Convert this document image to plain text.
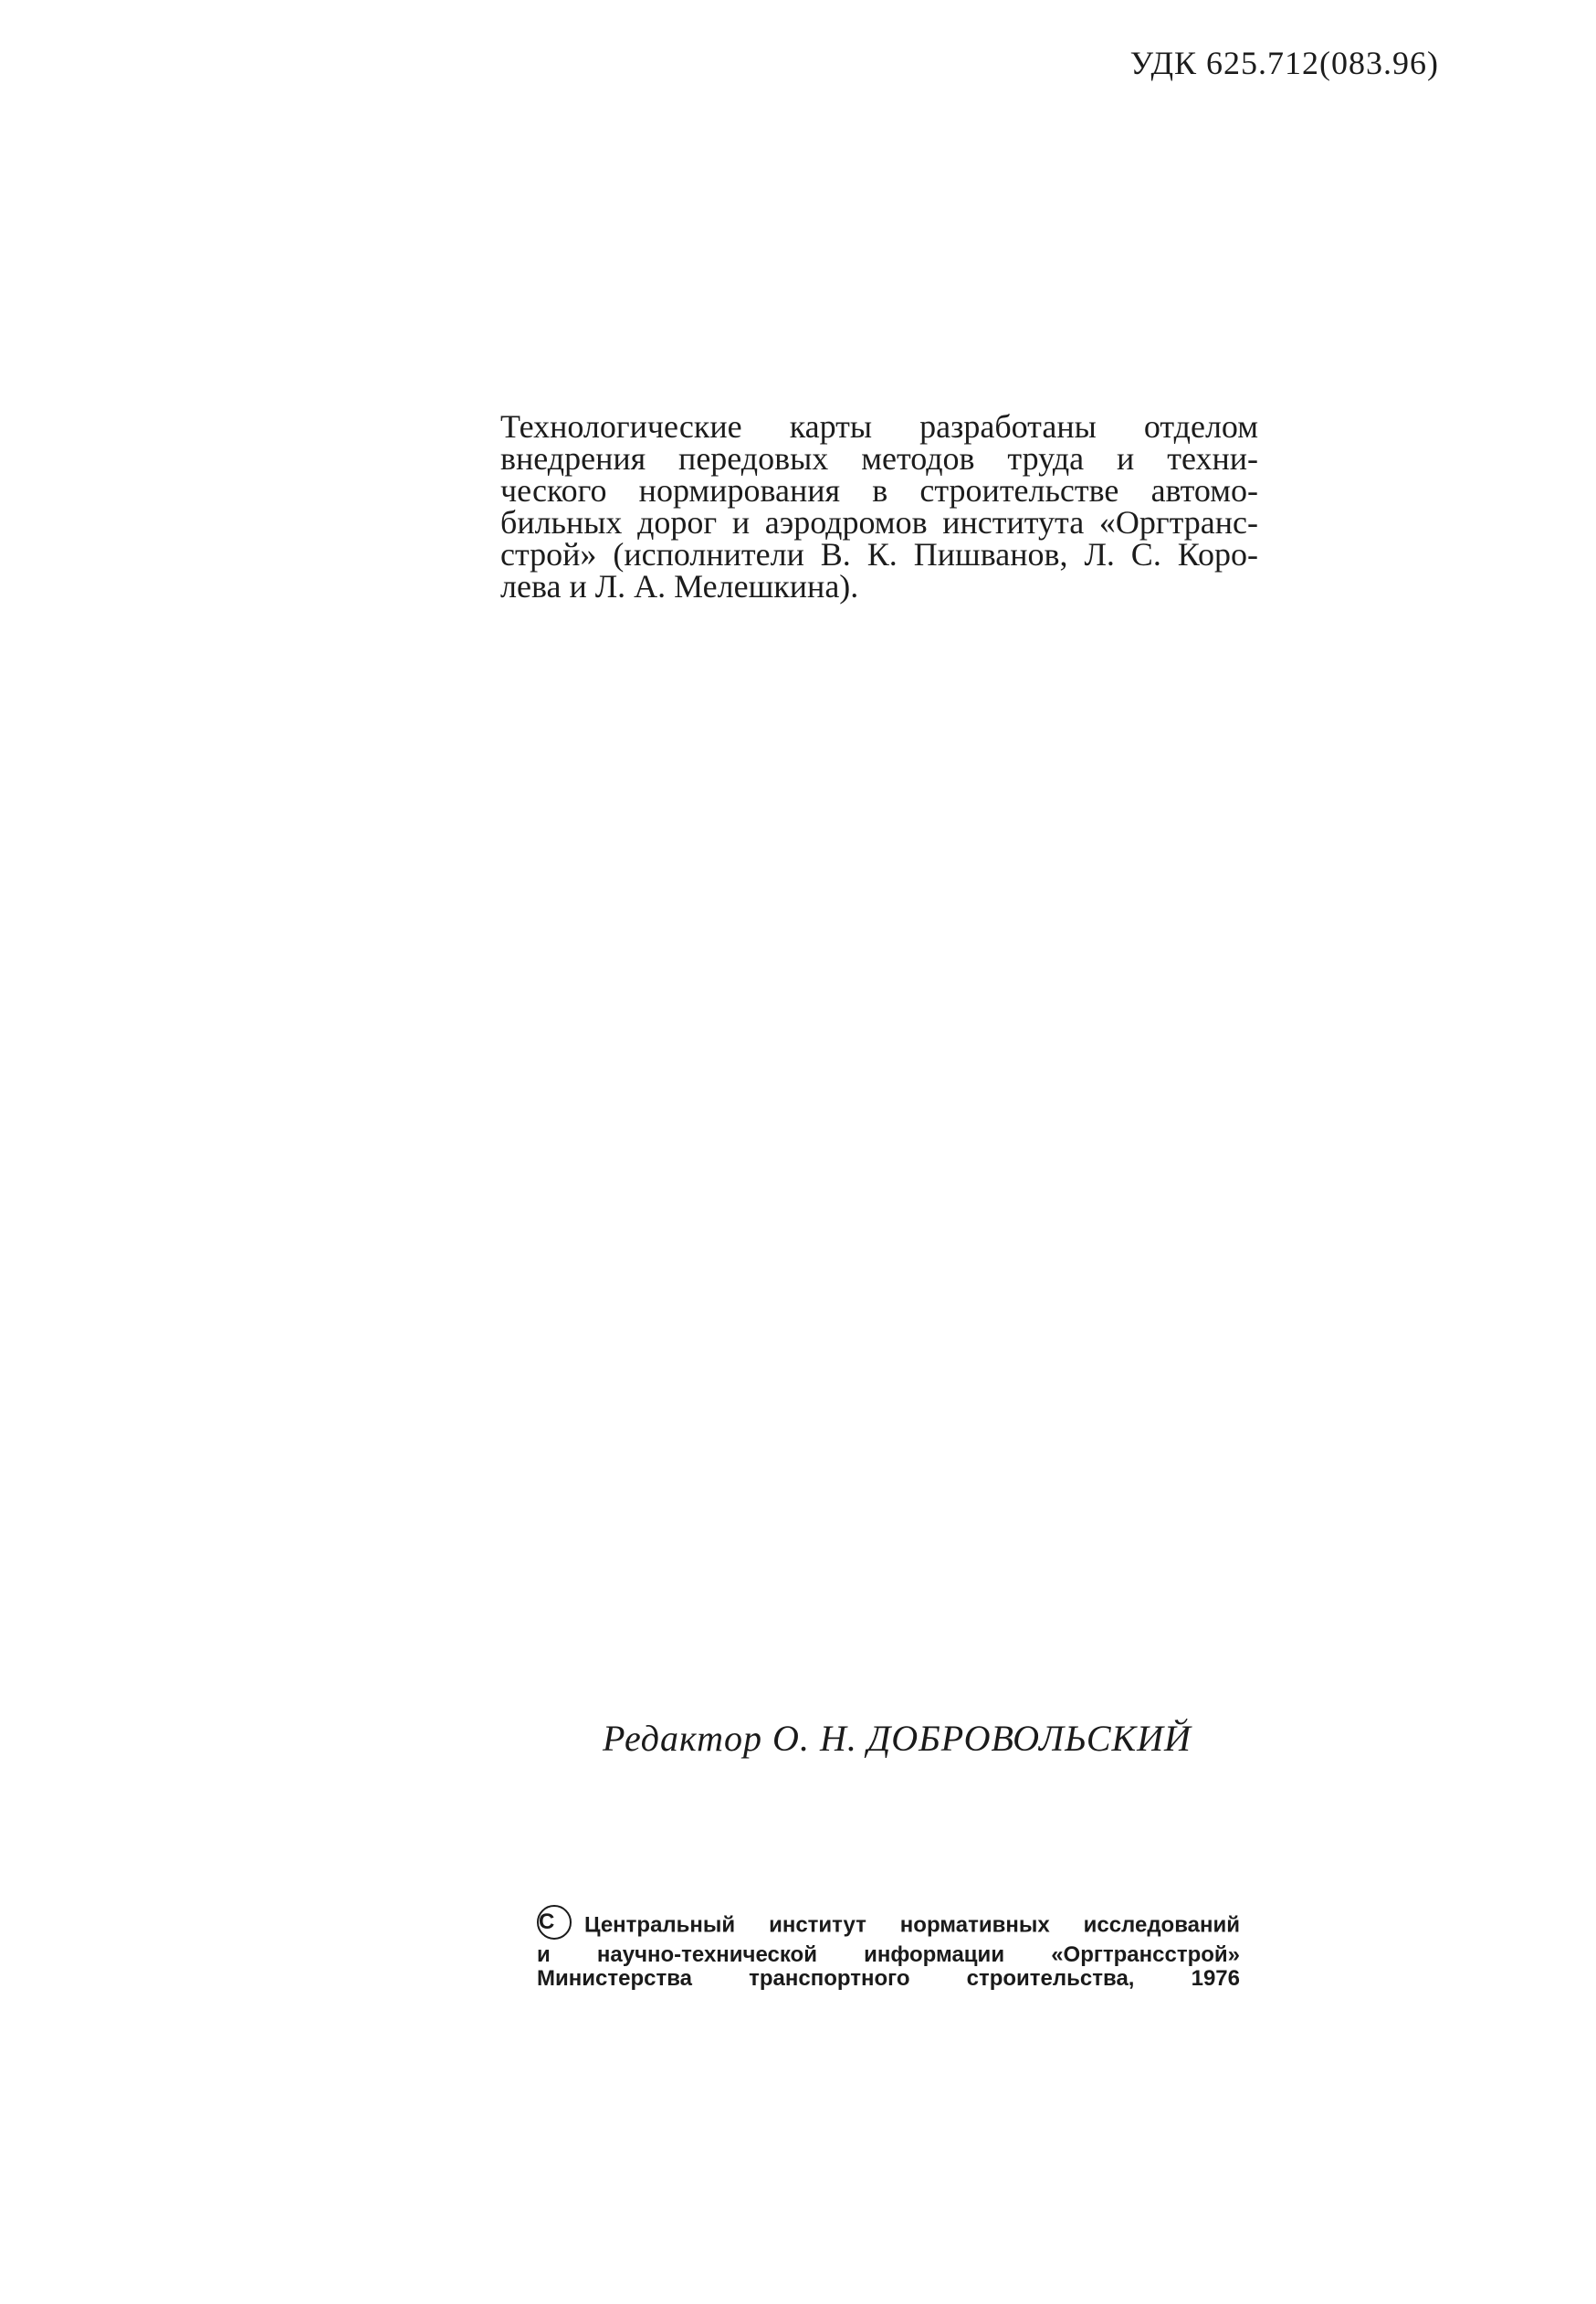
УДК 625.712(083.96)
Технологические карты разработаны отделом
внедрения передовых методов труда и техни-
ческого нормирования в строительстве автомо-
бильных дорог и аэродромов института «Оргтранс-
строй» (исполнители В. К. Пишванов, Л. С. Коро-
лева и Л. А. Мелешкина).
Редактор О. Н. ДОБРОВОЛЬСКИЙ
C Центральный институт нормативных исследований
и научно-технической информации «Оргтрансстрой»
Министерства транспортного строительства, 1976
